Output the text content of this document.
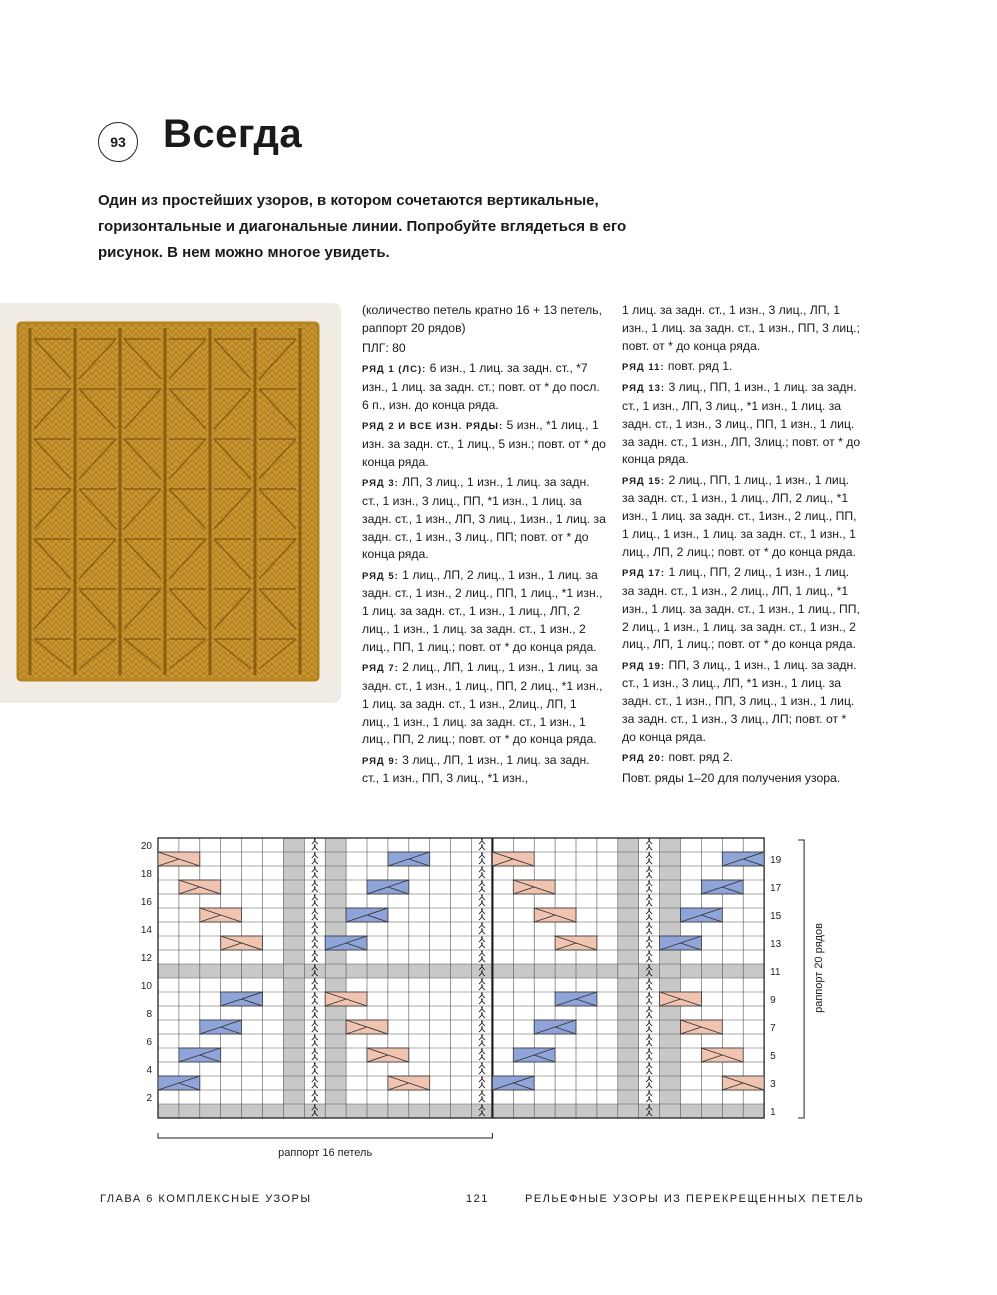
93 Всегда
Один из простейших узоров, в котором сочетаются вертикальные, горизонтальные и диагональные линии. Попробуйте вглядеться в его рисунок. В нем можно многое увидеть.

(количество петель кратно 16 + 13 петель, раппорт 20 рядов)

ПЛГ: 80

РЯД 1 (ЛС): 6 изн., 1 лиц. за задн. ст., *7 изн., 1 лиц. за задн. ст.; повт. от * до посл. 6 п., изн. до конца ряда.

РЯД 2 И ВСЕ ИЗН. РЯДЫ: 5 изн., *1 лиц., 1 изн. за задн. ст., 1 лиц., 5 изн.; повт. от * до конца ряда.

РЯД 3: ЛП, 3 лиц., 1 изн., 1 лиц. за задн. ст., 1 изн., 3 лиц., ПП, *1 изн., 1 лиц. за задн. ст., 1 изн., ЛП, 3 лиц., 1изн., 1 лиц. за задн. ст., 1 изн., 3 лиц., ПП; повт. от * до конца ряда.

РЯД 5: 1 лиц., ЛП, 2 лиц., 1 изн., 1 лиц. за задн. ст., 1 изн., 2 лиц., ПП, 1 лиц., *1 изн., 1 лиц. за задн. ст., 1 изн., 1 лиц., ЛП, 2 лиц., 1 изн., 1 лиц. за задн. ст., 1 изн., 2 лиц., ПП, 1 лиц.; повт. от * до конца ряда.

РЯД 7: 2 лиц., ЛП, 1 лиц., 1 изн., 1 лиц. за задн. ст., 1 изн., 1 лиц., ПП, 2 лиц., *1 изн., 1 лиц. за задн. ст., 1 изн., 2лиц., ЛП, 1 лиц., 1 изн., 1 лиц. за задн. ст., 1 изн., 1 лиц., ПП, 2 лиц.; повт. от * до конца ряда.

РЯД 9: 3 лиц., ЛП, 1 изн., 1 лиц. за задн. ст., 1 изн., ПП, 3 лиц., *1 изн.,

1 лиц. за задн. ст., 1 изн., 3 лиц., ЛП, 1 изн., 1 лиц. за задн. ст., 1 изн., ПП, 3 лиц.; повт. от * до конца ряда.

РЯД 11: повт. ряд 1.

РЯД 13: 3 лиц., ПП, 1 изн., 1 лиц. за задн. ст., 1 изн., ЛП, 3 лиц., *1 изн., 1 лиц. за задн. ст., 1 изн., 3 лиц., ПП, 1 изн., 1 лиц. за задн. ст., 1 изн., ЛП, 3лиц.; повт. от * до конца ряда.

РЯД 15: 2 лиц., ПП, 1 лиц., 1 изн., 1 лиц. за задн. ст., 1 изн., 1 лиц., ЛП, 2 лиц., *1 изн., 1 лиц. за задн. ст., 1изн., 2 лиц., ПП, 1 лиц., 1 изн., 1 лиц. за задн. ст., 1 изн., 1 лиц., ЛП, 2 лиц.; повт. от * до конца ряда.

РЯД 17: 1 лиц., ПП, 2 лиц., 1 изн., 1 лиц. за задн. ст., 1 изн., 2 лиц., ЛП, 1 лиц., *1 изн., 1 лиц. за задн. ст., 1 изн., 1 лиц., ПП, 2 лиц., 1 изн., 1 лиц. за задн. ст., 1 изн., 2 лиц., ЛП, 1 лиц.; повт. от * до конца ряда.

РЯД 19: ПП, 3 лиц., 1 изн., 1 лиц. за задн. ст., 1 изн., 3 лиц., ЛП, *1 изн., 1 лиц. за задн. ст., 1 изн., ПП, 3 лиц., 1 изн., 1 лиц. за задн. ст., 1 изн., 3 лиц., ЛП; повт. от * до конца ряда.

РЯД 20: повт. ряд 2.

Повт. ряды 1–20 для получения узора.

20
18
16
14
12
10
8
6
4
2
19
17
15
13
11
9
7
5
3
1
раппорт 20 рядов
раппорт 16 петель
ГЛАВА 6 КОМПЛЕКСНЫЕ УЗОРЫ	121	РЕЛЬЕФНЫЕ УЗОРЫ ИЗ ПЕРЕКРЕЩЕННЫХ ПЕТЕЛЬ
